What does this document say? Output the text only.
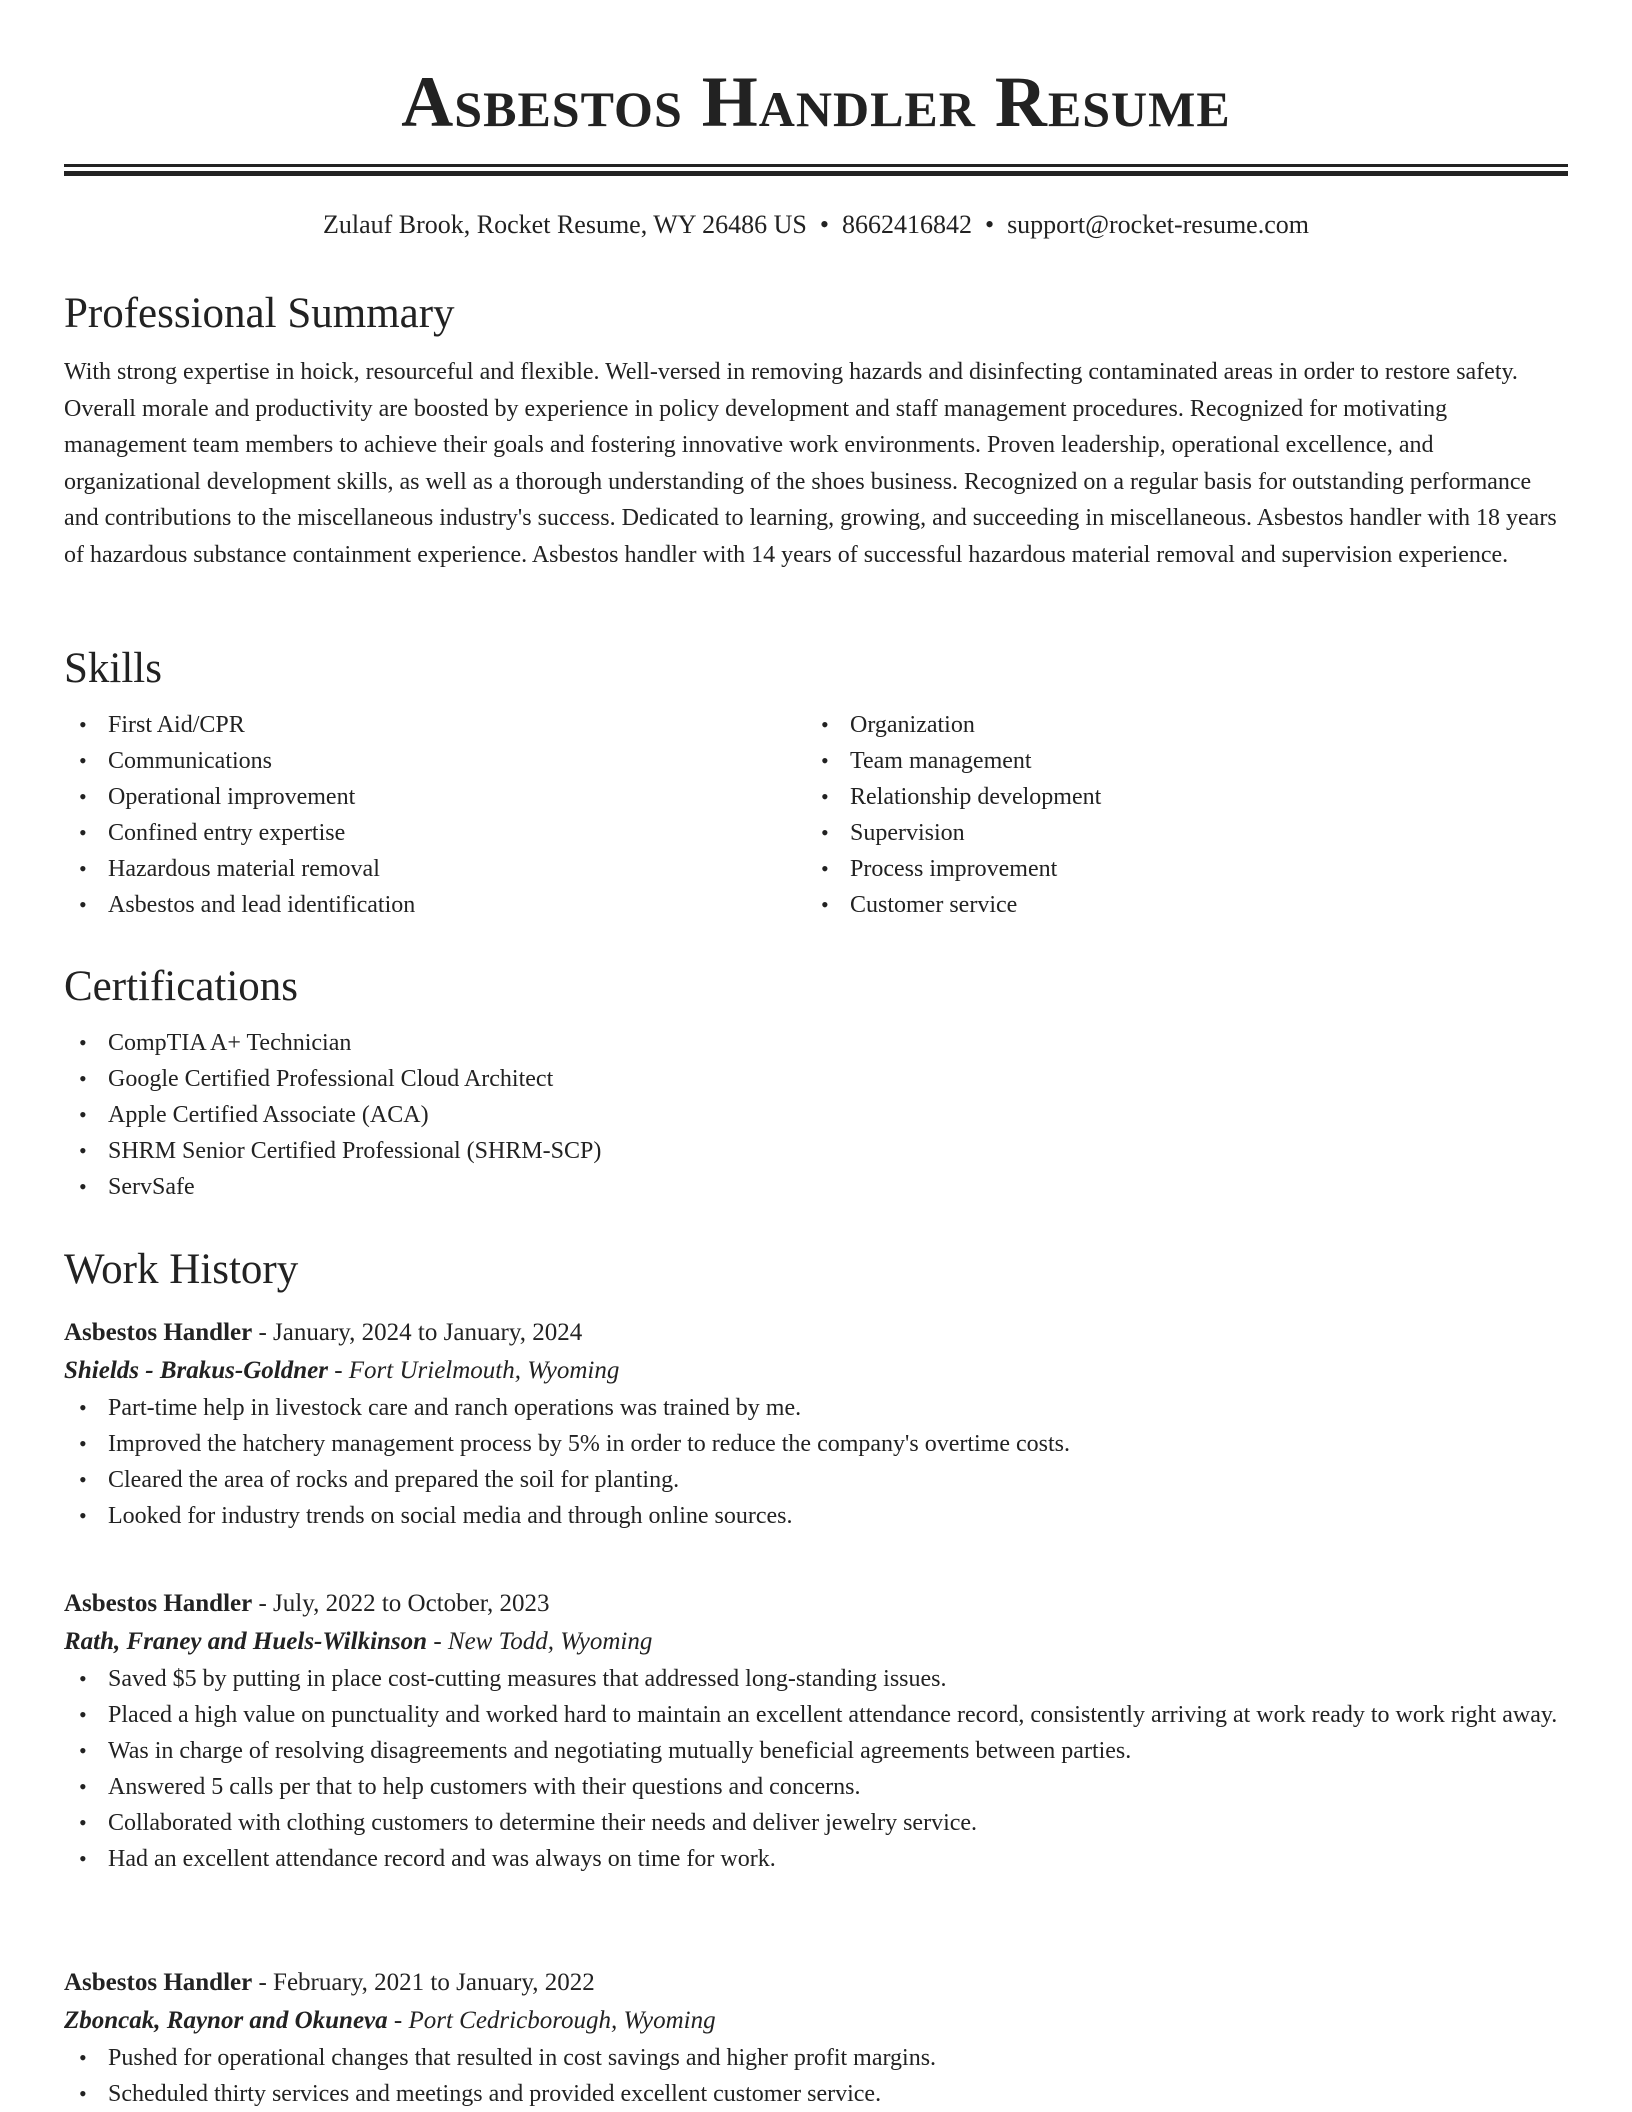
Asbestos Handler Resume
Zulauf Brook, Rocket Resume, WY 26486 US • 8662416842 • support@rocket-resume.com
Professional Summary

With strong expertise in hoick, resourceful and flexible. Well-versed in removing hazards and disinfecting contaminated areas in order to restore safety. Overall morale and productivity are boosted by experience in policy development and staff management procedures. Recognized for motivating management team members to achieve their goals and fostering innovative work environments. Proven leadership, operational excellence, and organizational development skills, as well as a thorough understanding of the shoes business. Recognized on a regular basis for outstanding performance and contributions to the miscellaneous industry's success. Dedicated to learning, growing, and succeeding in miscellaneous. Asbestos handler with 18 years of hazardous substance containment experience. Asbestos handler with 14 years of successful hazardous material removal and supervision experience.

Skills
• First Aid/CPR
• Communications
• Operational improvement
• Confined entry expertise
• Hazardous material removal
• Asbestos and lead identification
• Organization
• Team management
• Relationship development
• Supervision
• Process improvement
• Customer service
Certifications
• CompTIA A+ Technician
• Google Certified Professional Cloud Architect
• Apple Certified Associate (ACA)
• SHRM Senior Certified Professional (SHRM-SCP)
• ServSafe
Work History
Asbestos Handler - January, 2024 to January, 2024
Shields - Brakus-Goldner - Fort Urielmouth, Wyoming
• Part-time help in livestock care and ranch operations was trained by me.
• Improved the hatchery management process by 5% in order to reduce the company's overtime costs.
• Cleared the area of rocks and prepared the soil for planting.
• Looked for industry trends on social media and through online sources.
Asbestos Handler - July, 2022 to October, 2023
Rath, Franey and Huels-Wilkinson - New Todd, Wyoming
• Saved $5 by putting in place cost-cutting measures that addressed long-standing issues.
• Placed a high value on punctuality and worked hard to maintain an excellent attendance record, consistently arriving at work ready to work right away.
• Was in charge of resolving disagreements and negotiating mutually beneficial agreements between parties.
• Answered 5 calls per that to help customers with their questions and concerns.
• Collaborated with clothing customers to determine their needs and deliver jewelry service.
• Had an excellent attendance record and was always on time for work.
Asbestos Handler - February, 2021 to January, 2022
Zboncak, Raynor and Okuneva - Port Cedricborough, Wyoming
• Pushed for operational changes that resulted in cost savings and higher profit margins.
• Scheduled thirty services and meetings and provided excellent customer service.
